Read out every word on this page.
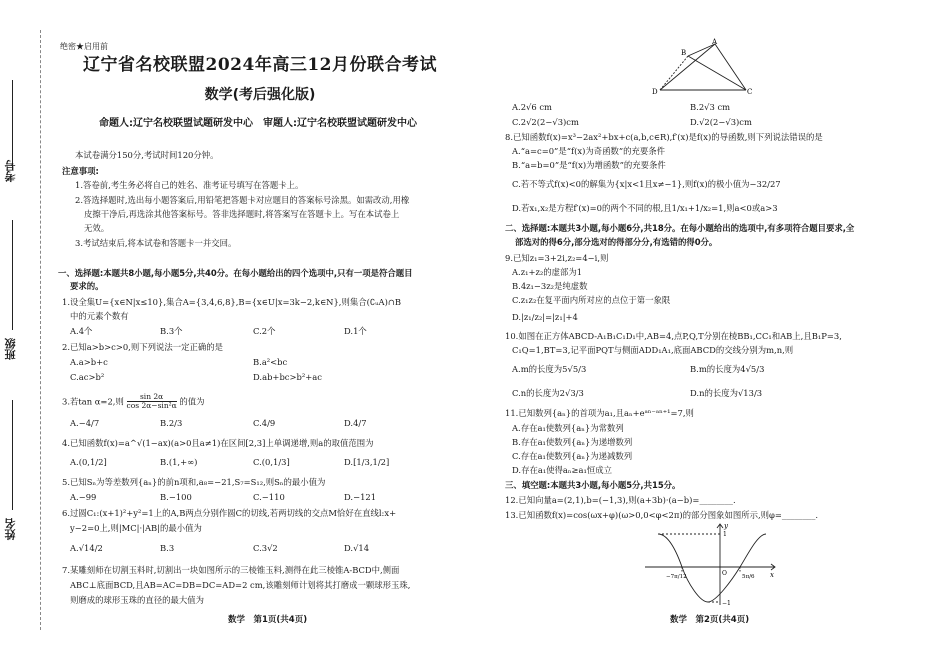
考号
班级
姓名
绝密★启用前
辽宁省名校联盟2024年高三12月份联合考试
数学(考后强化版)
命题人:辽宁名校联盟试题研发中心　审题人:辽宁名校联盟试题研发中心
本试卷满分150分,考试时间120分钟。
注意事项:
1.答卷前,考生务必将自己的姓名、准考证号填写在答题卡上。
2.答选择题时,选出每小题答案后,用铅笔把答题卡对应题目的答案标号涂黑。如需改动,用橡
皮擦干净后,再选涂其他答案标号。答非选择题时,将答案写在答题卡上。写在本试卷上
无效。
3.考试结束后,将本试卷和答题卡一并交回。
一、选择题:本题共8小题,每小题5分,共40分。在每小题给出的四个选项中,只有一项是符合题目
要求的。
1.设全集U={x∈N|x≤10},集合A={3,4,6,8},B={x∈U|x=3k−2,k∈N},则集合(∁ᵤA)∩B
中的元素个数有
A.4个	B.3个	C.2个	D.1个
2.已知a>b>c>0,则下列说法一定正确的是
A.a>b+c	B.a²<bc
C.ac>b²	D.ab+bc>b²+ac
3.若tan α=2,则 $\frac{\sin 2\alpha}{\text{cos 2α−sin²α}}$ 的值为
A.−4/7	B.2/3	C.4/9	D.4/7
4.已知函数f(x)=a^√(1−ax)(a>0且a≠1)在区间[2,3]上单调递增,则a的取值范围为
A.(0,1/2]	B.(1,+∞)	C.(0,1/3]	D.[1/3,1/2]
5.已知Sₙ为等差数列{aₙ}的前n项和,a₈=−21,S₇=S₁₂,则Sₙ的最小值为
A.−99	B.−100	C.−110	D.−121
6.过圆C₁:(x+1)²+y²=1上的A,B两点分别作圆C的切线,若两切线的交点M恰好在直线l:x+
y−2=0上,则|MC|·|AB|的最小值为
A.√14/2	B.3	C.3√2	D.√14
7.某雕刻师在切割玉料时,切割出一块如图所示的三棱锥玉料,测得在此三棱锥A-BCD中,侧面
ABC⊥底面BCD,且AB=AC=DB=DC=AD=2 cm,该雕刻师计划将其打磨成一颗球形玉珠,
则磨成的球形玉珠的直径的最大值为
数学　第1页(共4页)
A
B
C
D
A.2√6 cm	B.2√3 cm
C.2√2(2−√3)cm	D.√2(2−√3)cm
8.已知函数f(x)=x³−2ax²+bx+c(a,b,c∈R),f′(x)是f(x)的导函数,则下列说法错误的是
A.“a=c=0”是“f(x)为奇函数”的充要条件
B.“a=b=0”是“f(x)为增函数”的充要条件
C.若不等式f(x)<0的解集为{x|x<1且x≠−1},则f(x)的极小值为−32/27
D.若x₁,x₂是方程f′(x)=0的两个不同的根,且1/x₁+1/x₂=1,则a<0或a>3
二、选择题:本题共3小题,每小题6分,共18分。在每小题给出的选项中,有多项符合题目要求,全
部选对的得6分,部分选对的得部分分,有选错的得0分。
9.已知z₁=3+2i,z₂=4−i,则
A.z₁+z₂的虚部为1
B.4z₁−3z₂是纯虚数
C.z₁z₂在复平面内所对应的点位于第一象限
D.|z₁/z₂|=|z₁|+4
10.如图在正方体ABCD-A₁B₁C₁D₁中,AB=4,点P,Q,T分别在棱BB₁,CC₁和AB上,且B₁P=3,
C₁Q=1,BT=3,记平面PQT与侧面ADD₁A₁,底面ABCD的交线分别为m,n,则
A.m的长度为5√5/3	B.m的长度为4√5/3
C.n的长度为2√3/3	D.n的长度为√13/3
11.已知数列{aₙ}的首项为a₁,且aₙ+eᵃⁿ⁻ᵃⁿ⁺¹=7,则
A.存在a₁使数列{aₙ}为常数列
B.存在a₁使数列{aₙ}为递增数列
C.存在a₁使数列{aₙ}为递减数列
D.存在a₁使得aₙ≥a₁恒成立
三、填空题:本题共3小题,每小题5分,共15分。
12.已知向量a=(2,1),b=(−1,3),则(a+3b)·(a−b)=________.
13.已知函数f(x)=cos(ωx+φ)(ω>0,0<φ<2π)的部分图象如图所示,则φ=________.
y
x
O
1
−1
−7π/12	5π/6
数学　第2页(共4页)
